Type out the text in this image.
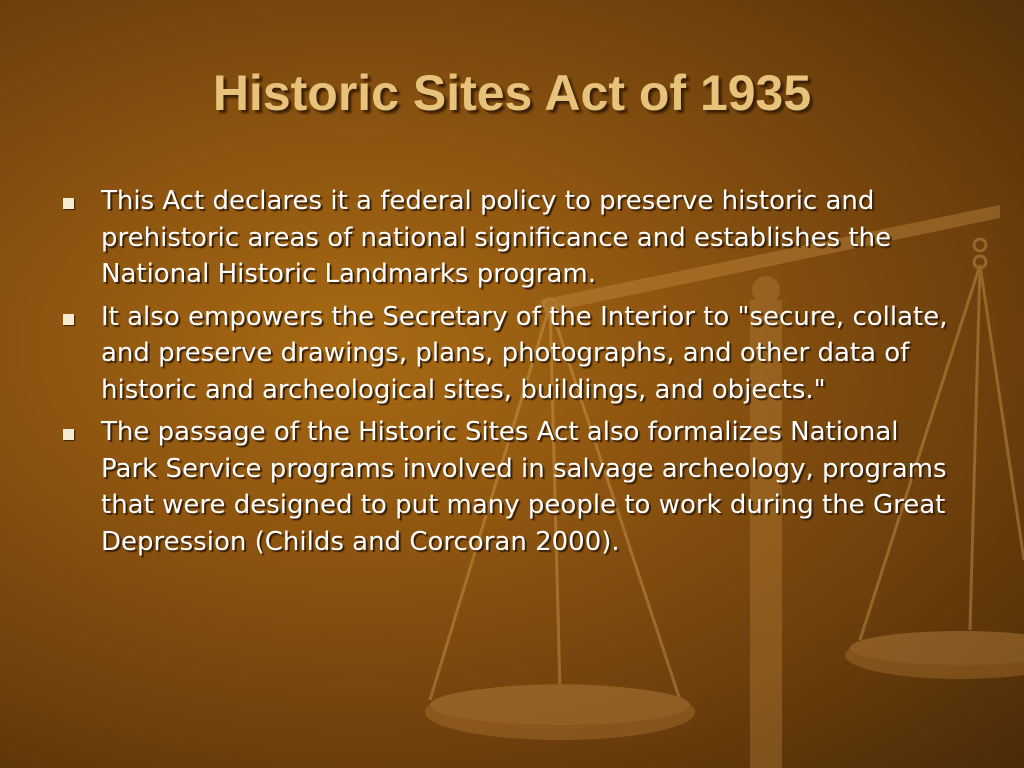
Historic Sites Act of 1935
This Act declares it a federal policy to preserve historic and prehistoric areas of national significance and establishes the National Historic Landmarks program.
It also empowers the Secretary of the Interior to "secure, collate, and preserve drawings, plans, photographs, and other data of historic and archeological sites, buildings, and objects."
The passage of the Historic Sites Act also formalizes National Park Service programs involved in salvage archeology, programs that were designed to put many people to work during the Great Depression (Childs and Corcoran 2000).
